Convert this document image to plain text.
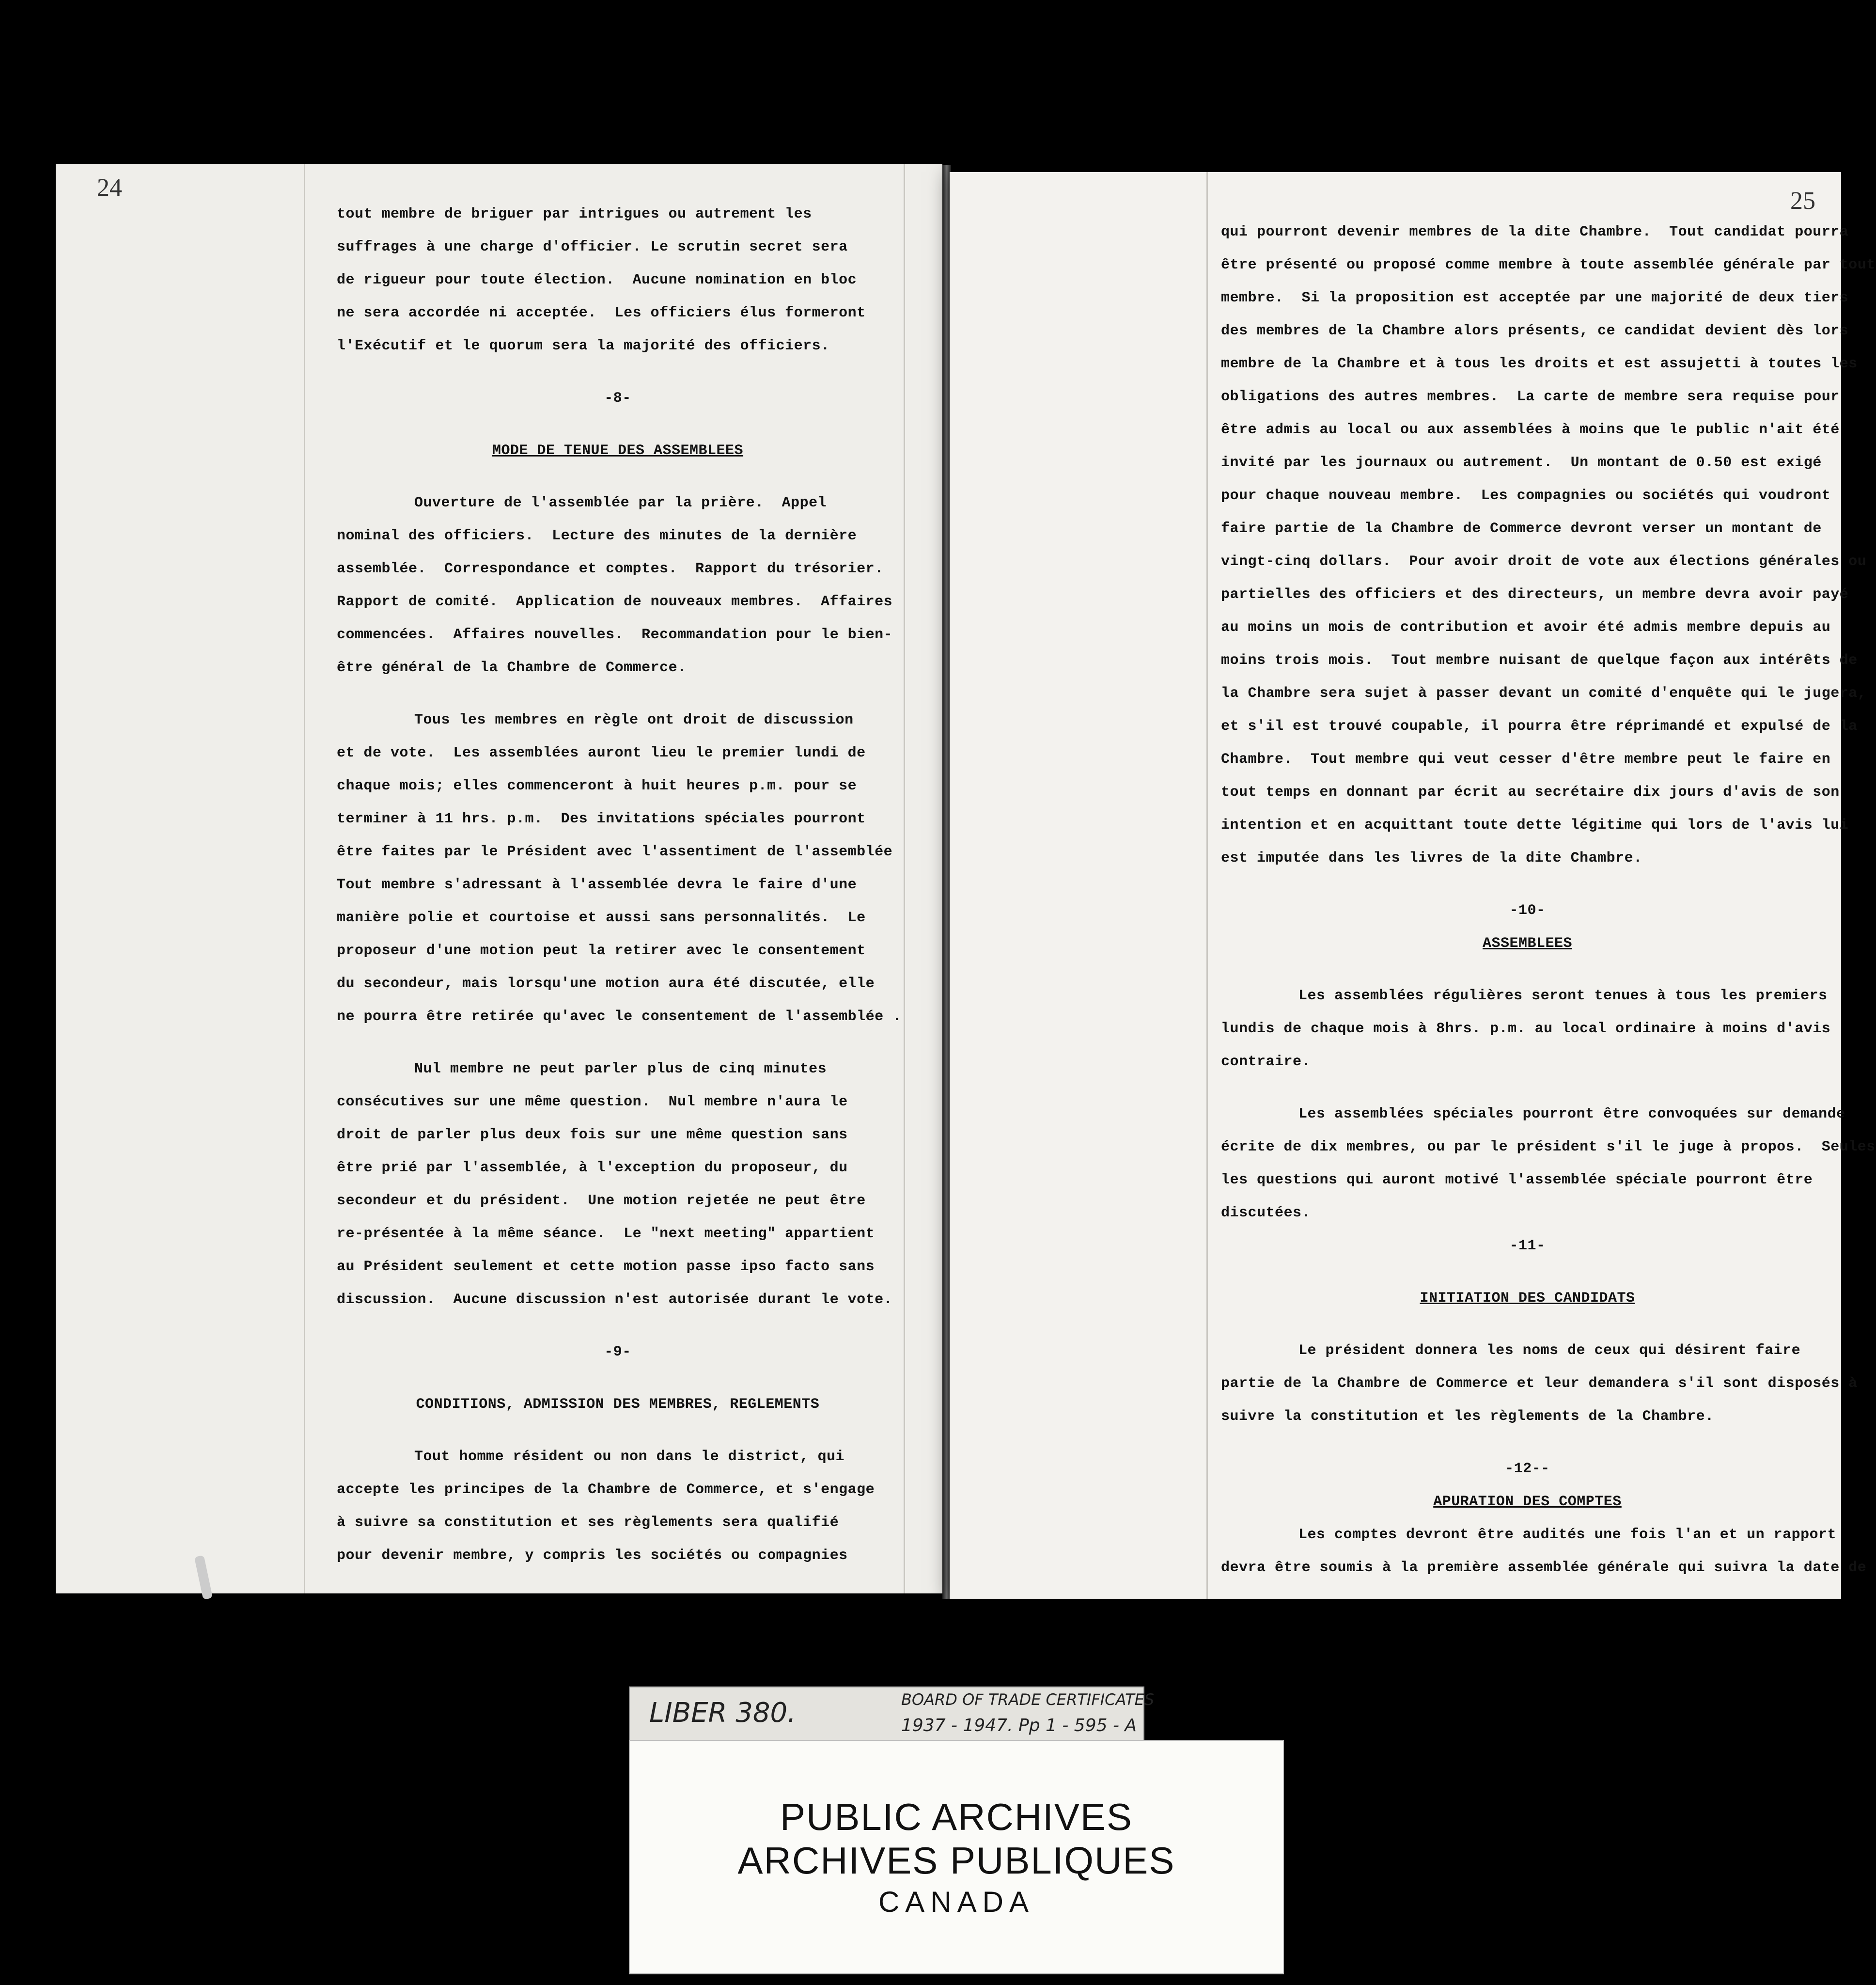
24
tout membre de briguer par intrigues ou autrement les
suffrages à une charge d'officier. Le scrutin secret sera
de rigueur pour toute élection.  Aucune nomination en bloc
ne sera accordée ni acceptée.  Les officiers élus formeront
l'Exécutif et le quorum sera la majorité des officiers.
-8-
MODE DE TENUE DES ASSEMBLEES
Ouverture de l'assemblée par la prière.  Appel
nominal des officiers.  Lecture des minutes de la dernière
assemblée.  Correspondance et comptes.  Rapport du trésorier.
Rapport de comité.  Application de nouveaux membres.  Affaires
commencées.  Affaires nouvelles.  Recommandation pour le bien-
être général de la Chambre de Commerce.
Tous les membres en règle ont droit de discussion
et de vote.  Les assemblées auront lieu le premier lundi de
chaque mois; elles commenceront à huit heures p.m. pour se
terminer à 11 hrs. p.m.  Des invitations spéciales pourront
être faites par le Président avec l'assentiment de l'assemblée
Tout membre s'adressant à l'assemblée devra le faire d'une
manière polie et courtoise et aussi sans personnalités.  Le
proposeur d'une motion peut la retirer avec le consentement
du secondeur, mais lorsqu'une motion aura été discutée, elle
ne pourra être retirée qu'avec le consentement de l'assemblée .
Nul membre ne peut parler plus de cinq minutes
consécutives sur une même question.  Nul membre n'aura le
droit de parler plus deux fois sur une même question sans
être prié par l'assemblée, à l'exception du proposeur, du
secondeur et du président.  Une motion rejetée ne peut être
re-présentée à la même séance.  Le "next meeting" appartient
au Président seulement et cette motion passe ipso facto sans
discussion.  Aucune discussion n'est autorisée durant le vote.
-9-
CONDITIONS, ADMISSION DES MEMBRES, REGLEMENTS
Tout homme résident ou non dans le district, qui
accepte les principes de la Chambre de Commerce, et s'engage
à suivre sa constitution et ses règlements sera qualifié
pour devenir membre, y compris les sociétés ou compagnies
25
qui pourront devenir membres de la dite Chambre.  Tout candidat pourra
être présenté ou proposé comme membre à toute assemblée générale par tout
membre.  Si la proposition est acceptée par une majorité de deux tiers
des membres de la Chambre alors présents, ce candidat devient dès lors
membre de la Chambre et à tous les droits et est assujetti à toutes les
obligations des autres membres.  La carte de membre sera requise pour
être admis au local ou aux assemblées à moins que le public n'ait été
invité par les journaux ou autrement.  Un montant de 0.50 est exigé
pour chaque nouveau membre.  Les compagnies ou sociétés qui voudront
faire partie de la Chambre de Commerce devront verser un montant de
vingt-cinq dollars.  Pour avoir droit de vote aux élections générales ou
partielles des officiers et des directeurs, un membre devra avoir payé
au moins un mois de contribution et avoir été admis membre depuis au
moins trois mois.  Tout membre nuisant de quelque façon aux intérêts de
la Chambre sera sujet à passer devant un comité d'enquête qui le jugera,
et s'il est trouvé coupable, il pourra être réprimandé et expulsé de la
Chambre.  Tout membre qui veut cesser d'être membre peut le faire en
tout temps en donnant par écrit au secrétaire dix jours d'avis de son
intention et en acquittant toute dette légitime qui lors de l'avis lui
est imputée dans les livres de la dite Chambre.
-10-
ASSEMBLEES
Les assemblées régulières seront tenues à tous les premiers
lundis de chaque mois à 8hrs. p.m. au local ordinaire à moins d'avis
contraire.
Les assemblées spéciales pourront être convoquées sur demande
écrite de dix membres, ou par le président s'il le juge à propos.  Seules
les questions qui auront motivé l'assemblée spéciale pourront être
discutées.
-11-
INITIATION DES CANDIDATS
Le président donnera les noms de ceux qui désirent faire
partie de la Chambre de Commerce et leur demandera s'il sont disposés à
suivre la constitution et les règlements de la Chambre.
-12--
APURATION DES COMPTES
Les comptes devront être audités une fois l'an et un rapport
devra être soumis à la première assemblée générale qui suivra la date de
LIBER 380.	BOARD OF TRADE CERTIFICATES
1937 - 1947. Pp 1 - 595 - A
PUBLIC ARCHIVES
ARCHIVES PUBLIQUES
CANADA
